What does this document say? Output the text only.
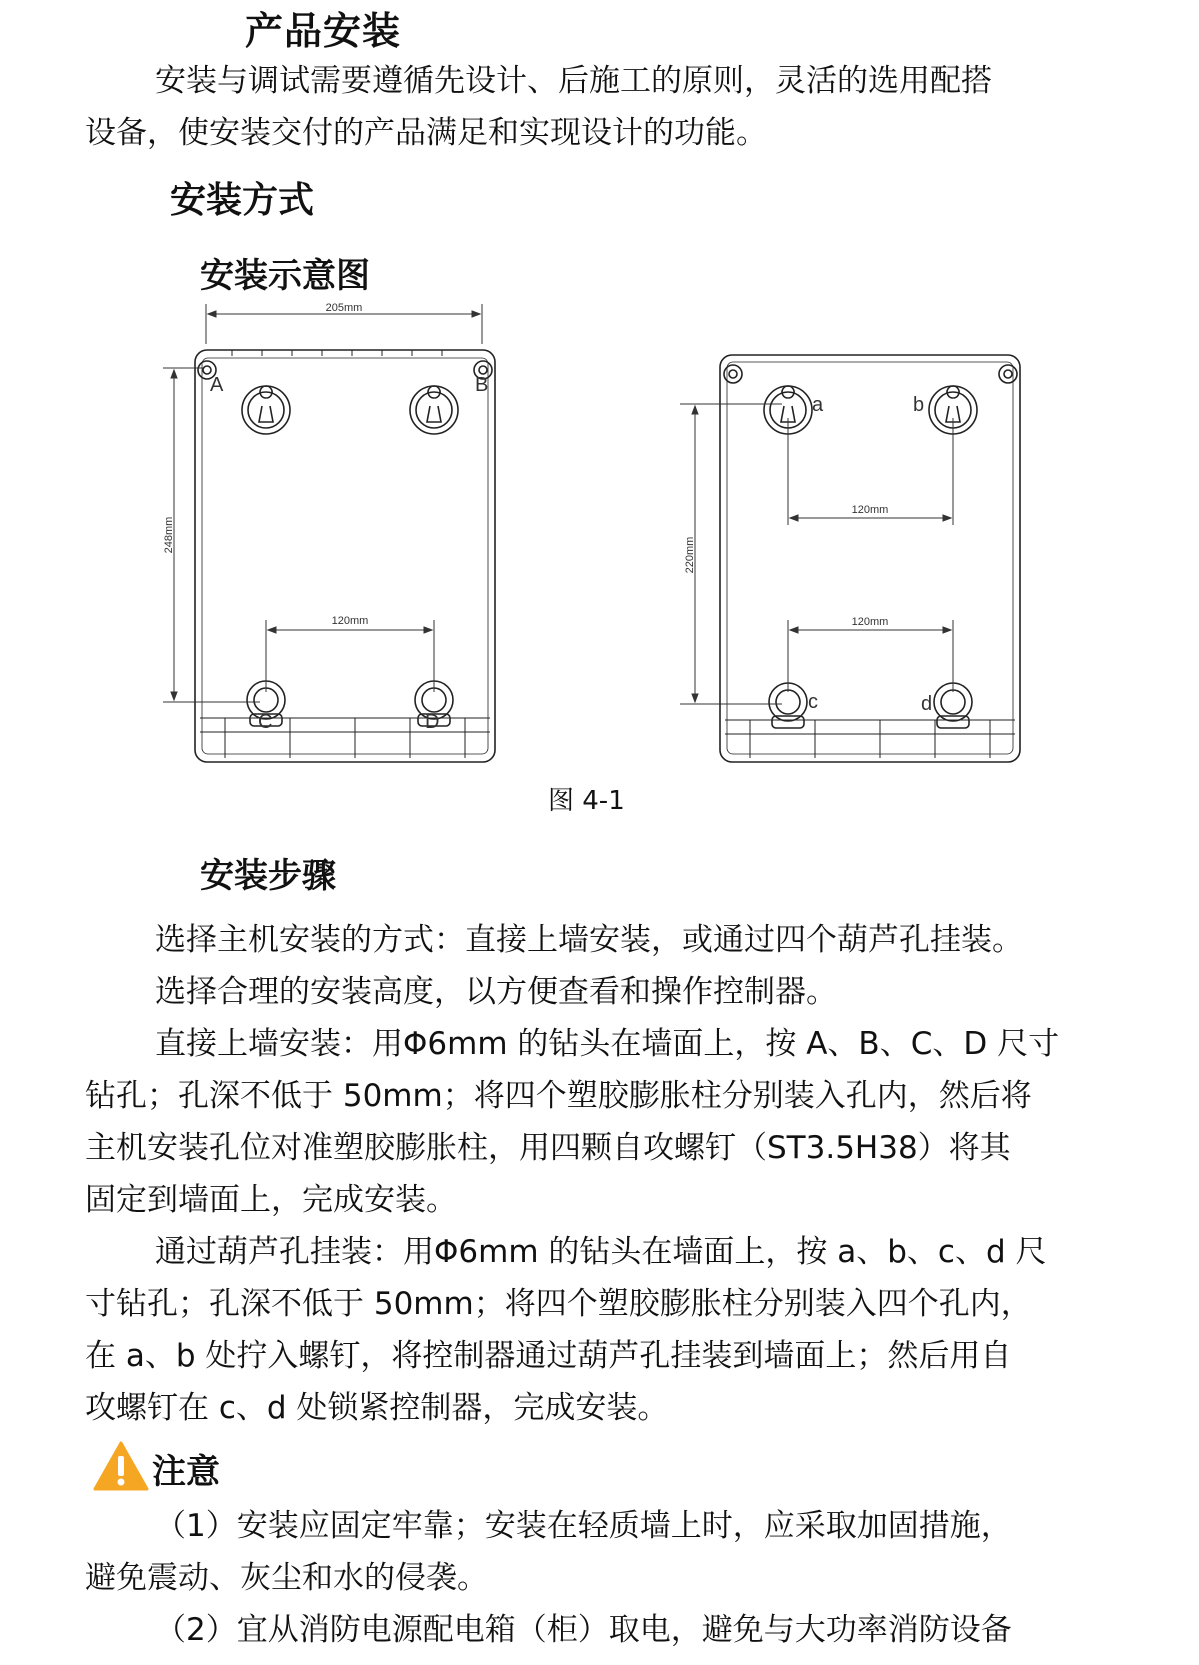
产品安装

安装与调试需要遵循先设计、后施工的原则，灵活的选用配搭

设备，使安装交付的产品满足和实现设计的功能。

安装方式
安装示意图
205mm
248mm
120mm
A	B
C	D
220mm
120mm
120mm
a	b
c	d
图 4-1
安装步骤

选择主机安装的方式：直接上墙安装，或通过四个葫芦孔挂装。

选择合理的安装高度，以方便查看和操作控制器。

直接上墙安装：用Φ6mm 的钻头在墙面上，按 A、B、C、D 尺寸

钻孔；孔深不低于 50mm；将四个塑胶膨胀柱分别装入孔内，然后将

主机安装孔位对准塑胶膨胀柱，用四颗自攻螺钉（ST3.5H38）将其

固定到墙面上，完成安装。

通过葫芦孔挂装：用Φ6mm 的钻头在墙面上，按 a、b、c、d 尺

寸钻孔；孔深不低于 50mm；将四个塑胶膨胀柱分别装入四个孔内，

在 a、b 处拧入螺钉，将控制器通过葫芦孔挂装到墙面上；然后用自

攻螺钉在 c、d 处锁紧控制器，完成安装。

注意

（1）安装应固定牢靠；安装在轻质墙上时，应采取加固措施，

避免震动、灰尘和水的侵袭。

（2）宜从消防电源配电箱（柜）取电，避免与大功率消防设备
